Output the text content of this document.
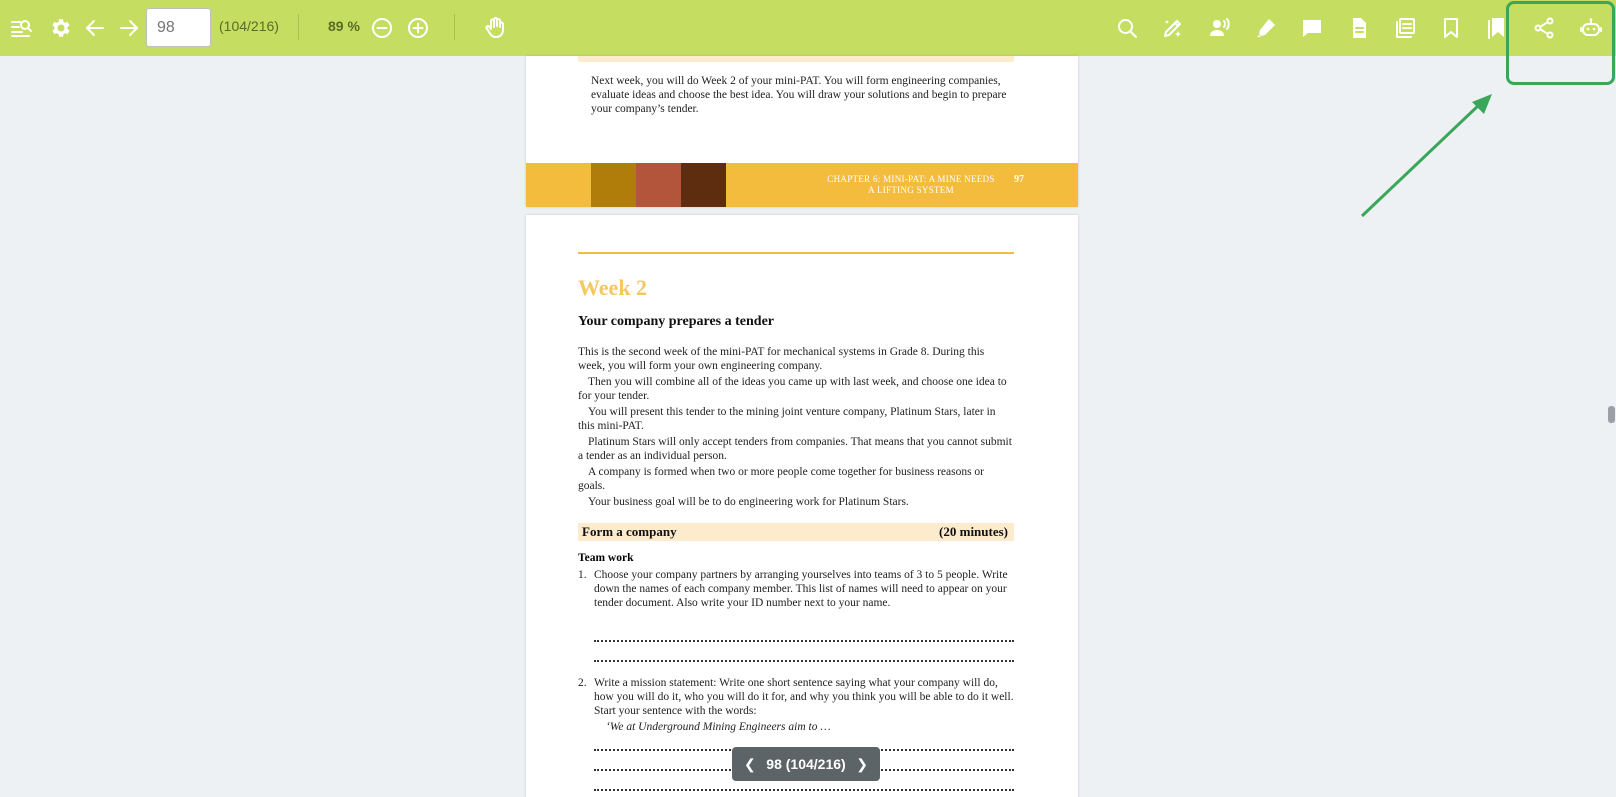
98
(104/216)	89 %
Next week, you will do Week 2 of your mini-PAT. You will form engineering companies, evaluate ideas and choose the best idea. You will draw your solutions and begin to prepare your company’s tender.
CHAPTER 6: MINI-PAT: A MINE NEEDS
A LIFTING SYSTEM
97
Week 2
Your company prepares a tender
This is the second week of the mini-PAT for mechanical systems in Grade 8. During this week, you will form your own engineering company.
Then you will combine all of the ideas you came up with last week, and choose one idea to for your tender.
You will present this tender to the mining joint venture company, Platinum Stars, later in this mini-PAT.
Platinum Stars will only accept tenders from companies. That means that you cannot submit a tender as an individual person.
A company is formed when two or more people come together for business reasons or goals.
Your business goal will be to do engineering work for Platinum Stars.
Form a company	(20 minutes)
Team work
1. Choose your company partners by arranging yourselves into teams of 3 to 5 people. Write down the names of each company member. This list of names will need to appear on your tender document. Also write your ID number next to your name.
2. Write a mission statement: Write one short sentence saying what your company will do, how you will do it, who you will do it for, and why you think you will be able to do it well. Start your sentence with the words:
‘We at Underground Mining Engineers aim to …
❮ 98 (104/216) ❯
